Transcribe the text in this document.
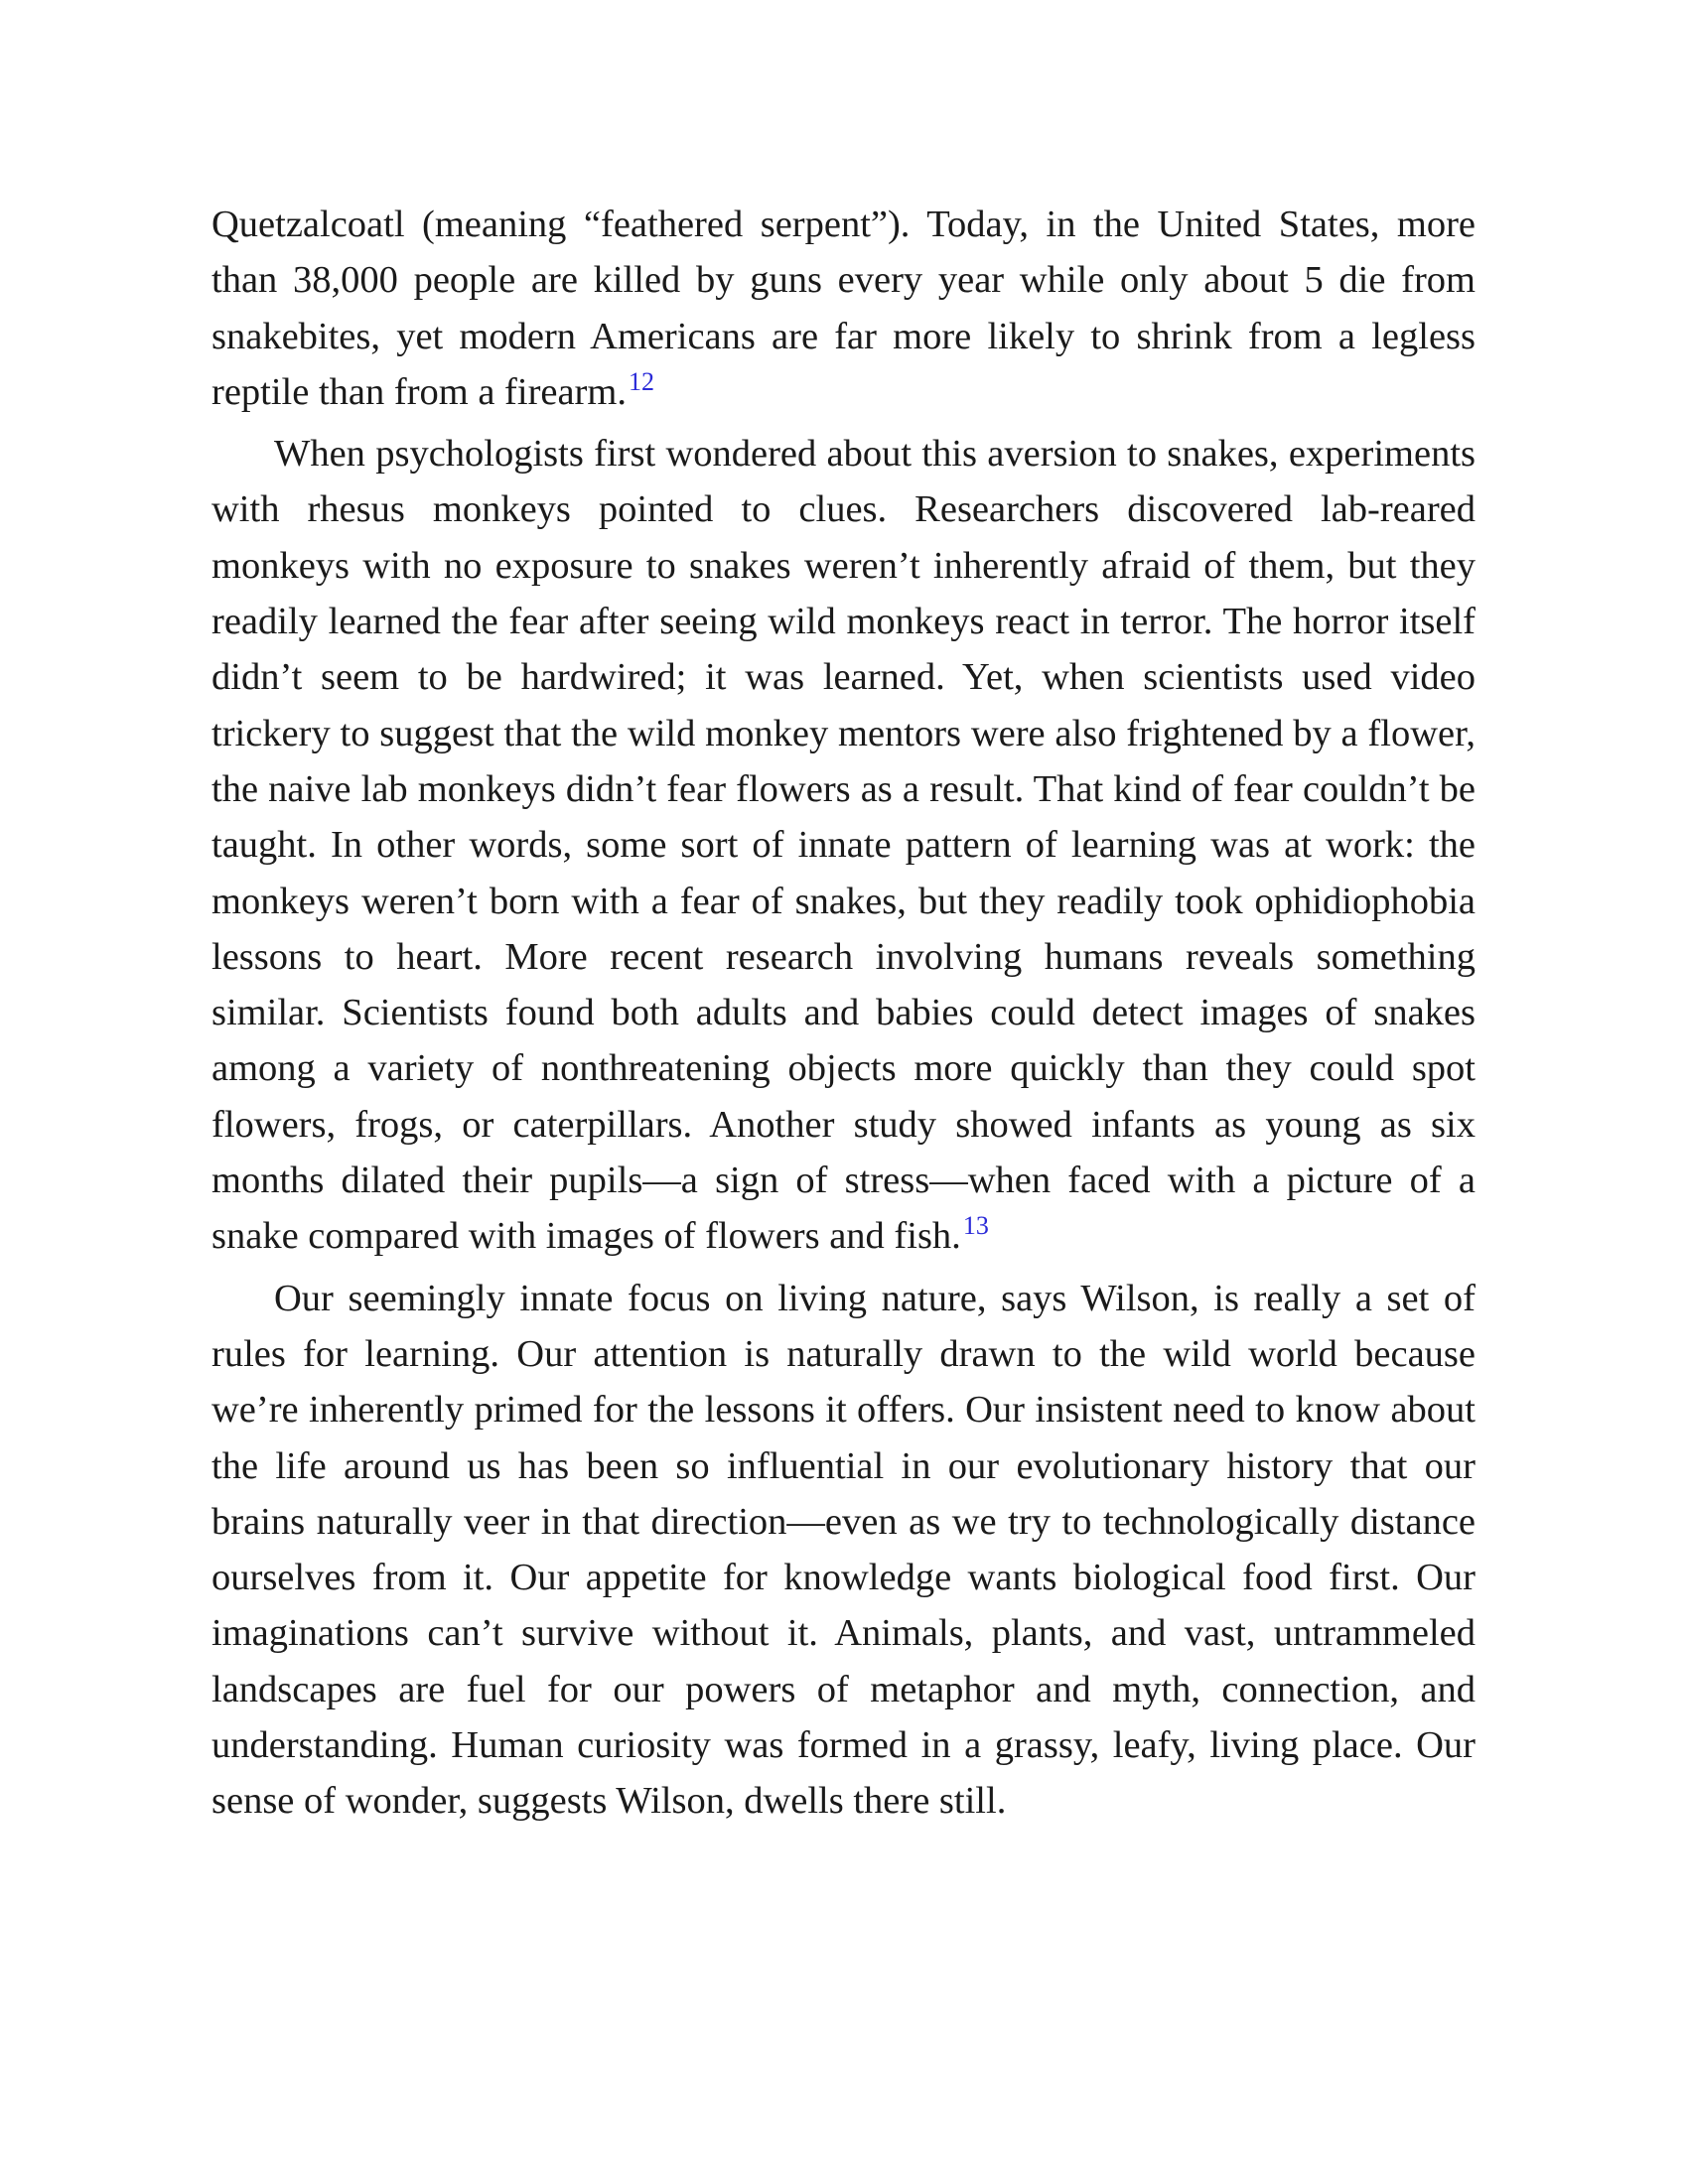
Quetzalcoatl (meaning “feathered serpent”). Today, in the United States, more than 38,000 people are killed by guns every year while only about 5 die from snakebites, yet modern Americans are far more likely to shrink from a legless reptile than from a firearm.$^{12}$

When psychologists first wondered about this aversion to snakes, experiments with rhesus monkeys pointed to clues. Researchers discovered lab-reared monkeys with no exposure to snakes weren’t inherently afraid of them, but they readily learned the fear after seeing wild monkeys react in terror. The horror itself didn’t seem to be hardwired; it was learned. Yet, when scientists used video trickery to suggest that the wild monkey mentors were also frightened by a flower, the naive lab monkeys didn’t fear flowers as a result. That kind of fear couldn’t be taught. In other words, some sort of innate pattern of learning was at work: the monkeys weren’t born with a fear of snakes, but they readily took ophidiophobia lessons to heart. More recent research involving humans reveals something similar. Scientists found both adults and babies could detect images of snakes among a variety of nonthreatening objects more quickly than they could spot flowers, frogs, or caterpillars. Another study showed infants as young as six months dilated their pupils—a sign of stress—when faced with a picture of a snake compared with images of flowers and fish.$^{13}$

Our seemingly innate focus on living nature, says Wilson, is really a set of rules for learning. Our attention is naturally drawn to the wild world because we’re inherently primed for the lessons it offers. Our insistent need to know about the life around us has been so influential in our evolutionary history that our brains naturally veer in that direction—even as we try to technologically distance ourselves from it. Our appetite for knowledge wants biological food first. Our imaginations can’t survive without it. Animals, plants, and vast, untrammeled landscapes are fuel for our powers of metaphor and myth, connection, and understanding. Human curiosity was formed in a grassy, leafy, living place. Our sense of wonder, suggests Wilson, dwells there still.
